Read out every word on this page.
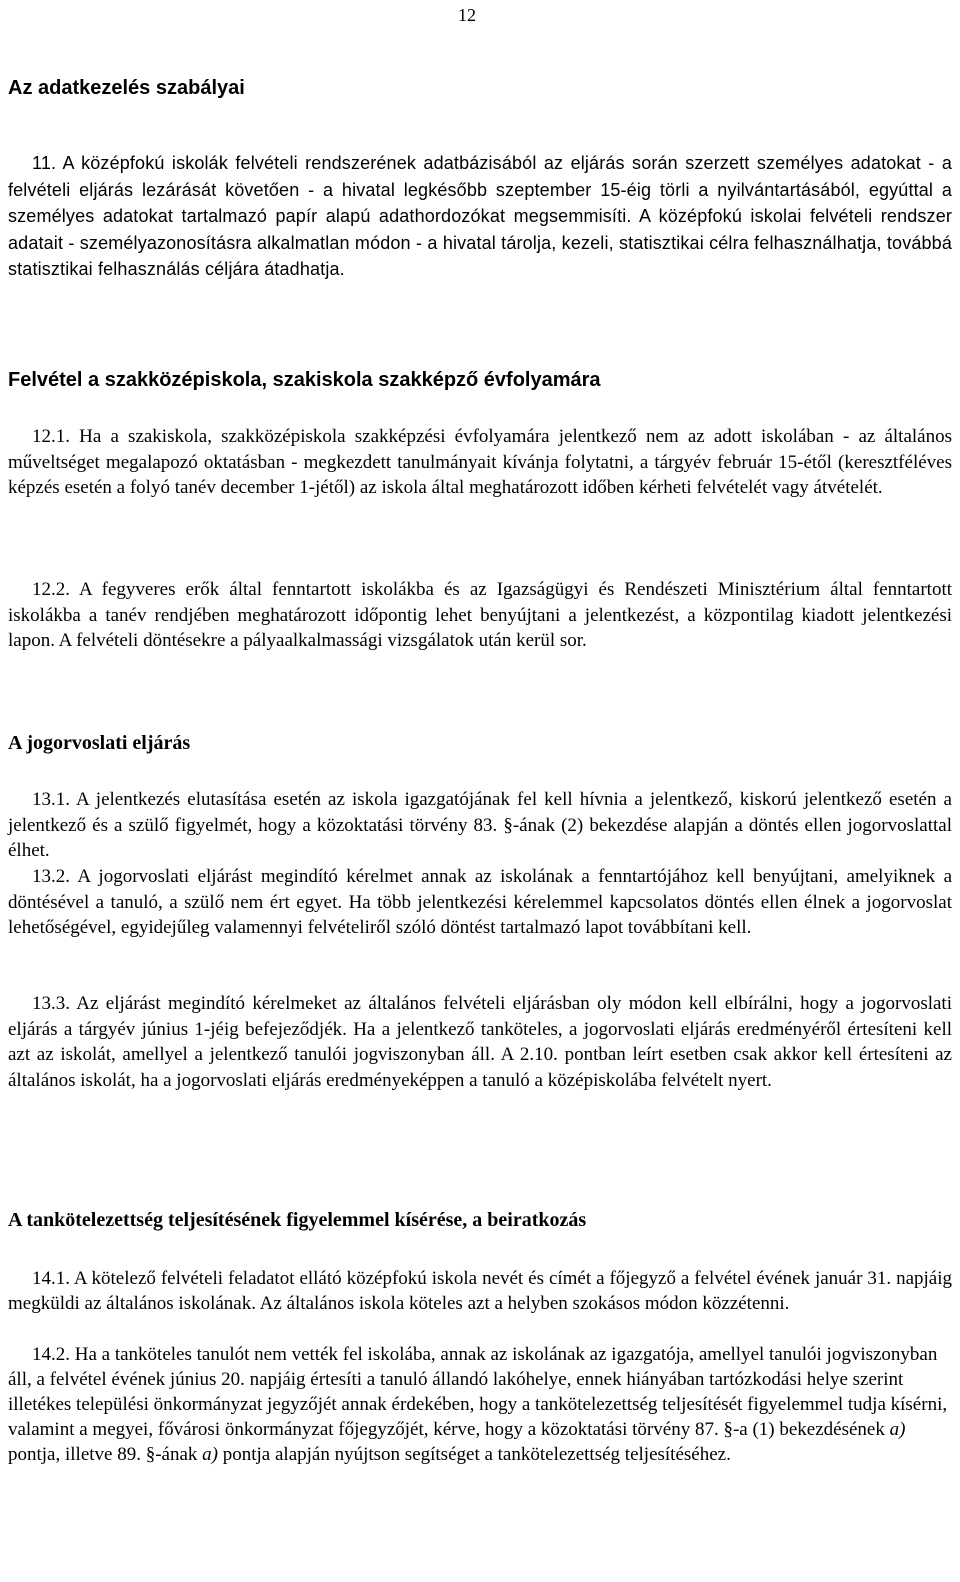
12
Az adatkezelés szabályai

11. A középfokú iskolák felvételi rendszerének adatbázisából az eljárás során szerzett személyes adatokat - a felvételi eljárás lezárását követően - a hivatal legkésőbb szeptember 15-éig törli a nyilvántartásából, egyúttal a személyes adatokat tartalmazó papír alapú adathordozókat megsemmisíti. A középfokú iskolai felvételi rendszer adatait - személyazonosításra alkalmatlan módon - a hivatal tárolja, kezeli, statisztikai célra felhasználhatja, továbbá statisztikai felhasználás céljára átadhatja.

Felvétel a szakközépiskola, szakiskola szakképző évfolyamára

12.1. Ha a szakiskola, szakközépiskola szakképzési évfolyamára jelentkező nem az adott iskolában - az általános műveltséget megalapozó oktatásban - megkezdett tanulmányait kívánja folytatni, a tárgyév február 15-étől (keresztféléves képzés esetén a folyó tanév december 1-jétől) az iskola által meghatározott időben kérheti felvételét vagy átvételét.

12.2. A fegyveres erők által fenntartott iskolákba és az Igazságügyi és Rendészeti Minisztérium által fenntartott iskolákba a tanév rendjében meghatározott időpontig lehet benyújtani a jelentkezést, a központilag kiadott jelentkezési lapon. A felvételi döntésekre a pályaalkalmassági vizsgálatok után kerül sor.

A jogorvoslati eljárás

13.1. A jelentkezés elutasítása esetén az iskola igazgatójának fel kell hívnia a jelentkező, kiskorú jelentkező esetén a jelentkező és a szülő figyelmét, hogy a közoktatási törvény 83. §-ának (2) bekezdése alapján a döntés ellen jogorvoslattal élhet.

13.2. A jogorvoslati eljárást megindító kérelmet annak az iskolának a fenntartójához kell benyújtani, amelyiknek a döntésével a tanuló, a szülő nem ért egyet. Ha több jelentkezési kérelemmel kapcsolatos döntés ellen élnek a jogorvoslat lehetőségével, egyidejűleg valamennyi felvételiről szóló döntést tartalmazó lapot továbbítani kell.

13.3. Az eljárást megindító kérelmeket az általános felvételi eljárásban oly módon kell elbírálni, hogy a jogorvoslati eljárás a tárgyév június 1-jéig befejeződjék. Ha a jelentkező tanköteles, a jogorvoslati eljárás eredményéről értesíteni kell azt az iskolát, amellyel a jelentkező tanulói jogviszonyban áll. A 2.10. pontban leírt esetben csak akkor kell értesíteni az általános iskolát, ha a jogorvoslati eljárás eredményeképpen a tanuló a középiskolába felvételt nyert.

A tankötelezettség teljesítésének figyelemmel kísérése, a beiratkozás

14.1. A kötelező felvételi feladatot ellátó középfokú iskola nevét és címét a főjegyző a felvétel évének január 31. napjáig megküldi az általános iskolának. Az általános iskola köteles azt a helyben szokásos módon közzétenni.

14.2. Ha a tanköteles tanulót nem vették fel iskolába, annak az iskolának az igazgatója, amellyel tanulói jogviszonyban áll, a felvétel évének június 20. napjáig értesíti a tanuló állandó lakóhelye, ennek hiányában tartózkodási helye szerint illetékes települési önkormányzat jegyzőjét annak érdekében, hogy a tankötelezettség teljesítését figyelemmel tudja kísérni, valamint a megyei, fővárosi önkormányzat főjegyzőjét, kérve, hogy a közoktatási törvény 87. §-a (1) bekezdésének a) pontja, illetve 89. §-ának a) pontja alapján nyújtson segítséget a tankötelezettség teljesítéséhez.
